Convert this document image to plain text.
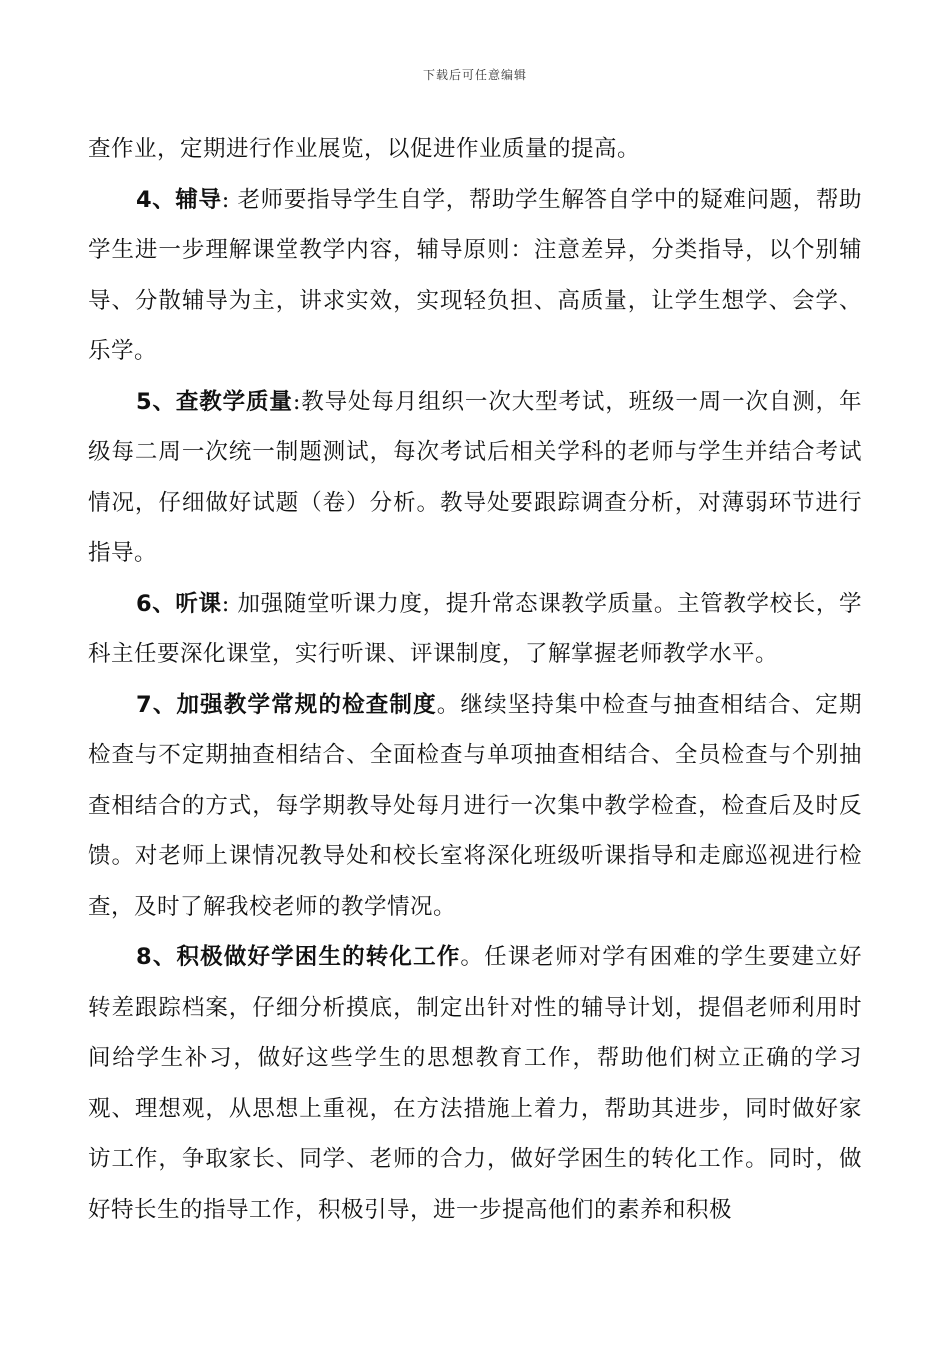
下载后可任意编辑

查作业，定期进行作业展览，以促进作业质量的提高。

4、辅导: 老师要指导学生自学，帮助学生解答自学中的疑难问题，帮助学生进一步理解课堂教学内容，辅导原则：注意差异，分类指导，以个别辅导、分散辅导为主，讲求实效，实现轻负担、高质量，让学生想学、会学、乐学。

5、查教学质量:教导处每月组织一次大型考试，班级一周一次自测，年级每二周一次统一制题测试，每次考试后相关学科的老师与学生并结合考试情况，仔细做好试题（卷）分析。教导处要跟踪调查分析，对薄弱环节进行指导。

6、听课: 加强随堂听课力度，提升常态课教学质量。主管教学校长，学科主任要深化课堂，实行听课、评课制度，了解掌握老师教学水平。

7、加强教学常规的检查制度。继续坚持集中检查与抽查相结合、定期检查与不定期抽查相结合、全面检查与单项抽查相结合、全员检查与个别抽查相结合的方式，每学期教导处每月进行一次集中教学检查，检查后及时反馈。对老师上课情况教导处和校长室将深化班级听课指导和走廊巡视进行检查，及时了解我校老师的教学情况。

8、积极做好学困生的转化工作。任课老师对学有困难的学生要建立好转差跟踪档案，仔细分析摸底，制定出针对性的辅导计划，提倡老师利用时间给学生补习，做好这些学生的思想教育工作，帮助他们树立正确的学习观、理想观，从思想上重视，在方法措施上着力，帮助其进步，同时做好家访工作，争取家长、同学、老师的合力，做好学困生的转化工作。同时，做好特长生的指导工作，积极引导，进一步提高他们的素养和积极
